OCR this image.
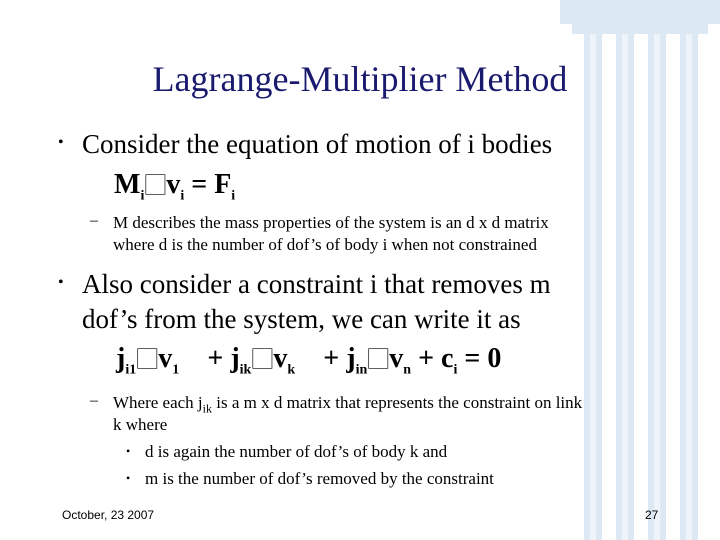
Lagrange-Multiplier Method
• Consider the equation of motion of i bodies
$M_i⃞v_i = F_i$
– M describes the mass properties of the system is an d x d matrix
where d is the number of dof’s of body i when not constrained
• Also consider a constraint i that removes m
dof’s from the system, we can write it as
$j_{i1}⃞v_1$ ⃞ + $j_{ik}⃞v_k$ ⃞ + $j_{in}⃞v_n + c_i = 0$
– Where each $j_{ik}$ is a m x d matrix that represents the constraint on link
k where
• d is again the number of dof’s of body k and
• m is the number of dof’s removed by the constraint
October, 23 2007	27
